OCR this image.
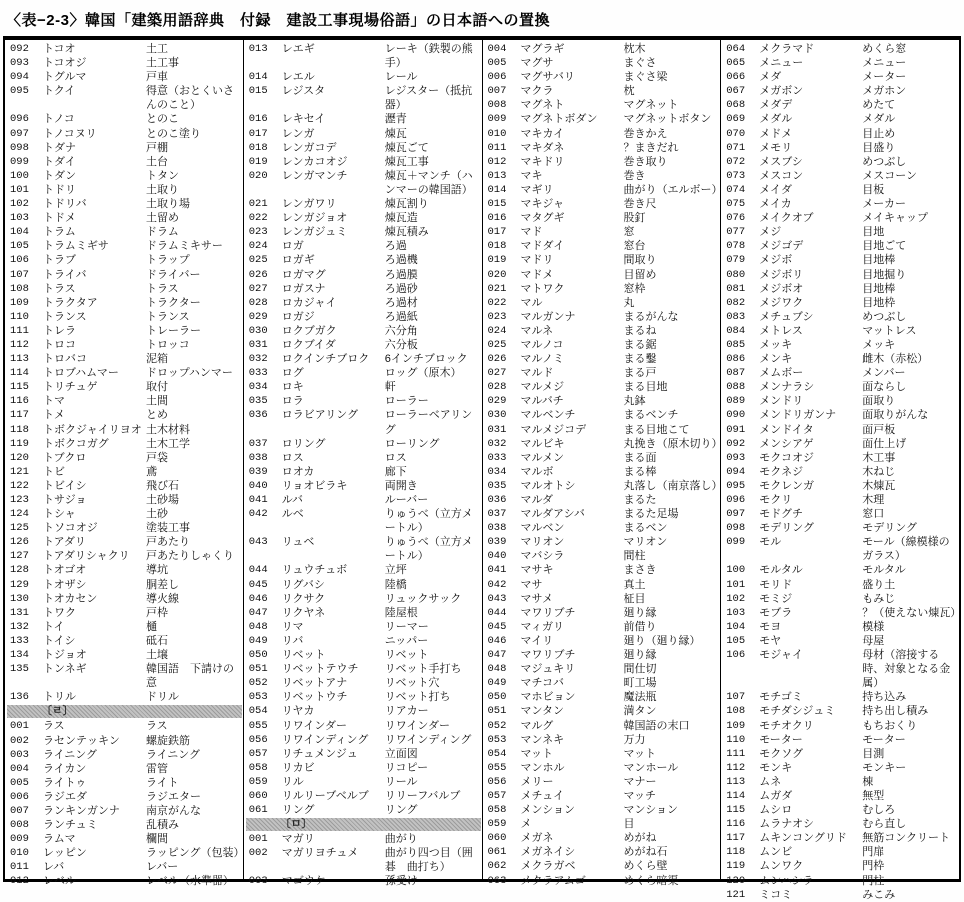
〈表−2-3〉韓国「建築用語辞典　付録　建設工事現場俗語」の日本語への置換
092	トコオ	土工
093	トコオジ	土工事
094	トグルマ	戸車
095	トクイ	得意（おとくいさんのこと）
096	トノコ	とのこ
097	トノコヌリ	とのこ塗り
098	トダナ	戸棚
099	トダイ	土台
100	トダン	トタン
101	トドリ	土取り
102	トドリバ	土取り場
103	トドメ	土留め
104	トラム	ドラム
105	トラムミギサ	ドラムミキサー
106	トラブ	トラップ
107	トライバ	ドライバー
108	トラス	トラス
109	トラクタア	トラクター
110	トランス	トランス
111	トレラ	トレーラー
112	トロコ	トロッコ
113	トロバコ	泥箱
114	トロブハムマー	ドロップハンマー
115	トリチュゲ	取付
116	トマ	土間
117	トメ	とめ
118	トボクジャイリヨオ 土木材料
119	トボクコガグ	土木工学
120	トブクロ	戸袋
121	トビ	鳶
122	トビイシ	飛び石
123	トサジョ	土砂場
124	トシャ	土砂
125	トソコオジ	塗装工事
126	トアダリ	戸あたり
127	トアダリシャクリ	戸あたりしゃくり
128	トオゴオ	導坑
129	トオザシ	胴差し
130	トオカセン	導火線
131	トワク	戸枠
132	トイ	樋
133	トイシ	砥石
134	トジョオ	土壌
135	トンネギ	韓国語　下請けの意
136	トリル	ドリル
〔ㄹ〕
001	ラス	ラス
002	ラセンテッキン	螺旋鉄筋
003	ライニング	ライニング
004	ライカン	雷管
005	ライトゥ	ライト
006	ラジエダ	ラジエター
007	ランキンガンナ	南京がんな
008	ランチュミ	乱積み
009	ラムマ	欄間
010	レッピン	ラッピング（包装）
011	レバ	レバー
012	レベル	レベル（水準器）
013	レエギ	レーキ（鉄製の熊手）
014	レエル	レール
015	レジスタ	レジスター（抵抗器）
016	レキセイ	瀝青
017	レンガ	煉瓦
018	レンガコデ	煉瓦ごて
019	レンカコオジ	煉瓦工事
020	レンガマンチ	煉瓦＋マンチ（ハンマーの韓国語）
021	レンガワリ	煉瓦割り
022	レンガジョオ	煉瓦造
023	レンガジュミ	煉瓦積み
024	ロガ	ろ過
025	ロガギ	ろ過機
026	ロガマグ	ろ過膜
027	ロガスナ	ろ過砂
028	ロカジャイ	ろ過材
029	ロガジ	ろ過紙
030	ロクブガク	六分角
031	ロクブイダ	六分板
032	ロクインチブロク	6インチブロック
033	ログ	ロッグ（原木）
034	ロキ	軒
035	ロラ	ローラー
036	ロラビアリング	ローラーベアリング
037	ロリング	ローリング
038	ロス	ロス
039	ロオカ	廊下
040	リョオビラキ	両開き
041	ルバ	ルーバー
042	ルベ	りゅうべ（立方メートル）
043	リュベ	りゅうべ（立方メートル）
044	リュウチュボ	立坪
045	リグバシ	陸橋
046	リクサク	リュックサック
047	リクヤネ	陸屋根
048	リマ	リーマー
049	リバ	ニッパー
050	リベット	リベット
051	リベットテウチ	リベット手打ち
052	リベットアナ	リベット穴
053	リベットウチ	リベット打ち
054	リヤカ	リアカー
055	リワインダー	リワインダー
056	リワインディング	リワインディング
057	リチュメンジュ	立面図
058	リカビ	リコピー
059	リル	リール
060	リルリーブベルブ	リリーフバルブ
061	リング	リング
〔ㅁ〕
001	マガリ	曲がり
002	マガリヨチュメ	曲がり四つ目（囲碁　曲打ち）
003	マゴウケ	孫受け
004	マグラギ	枕木
005	マグサ	まぐさ
006	マグサバリ	まぐさ梁
007	マクラ	枕
008	マグネト	マグネット
009	マグネトボダン	マグネットボタン
010	マキカイ	巻きかえ
011	マキダネ	？まきだれ
012	マキドリ	巻き取り
013	マキ	巻き
014	マギリ	曲がり（エルボー）
015	マキジャ	巻き尺
016	マタグギ	股釘
017	マド	窓
018	マドダイ	窓台
019	マドリ	間取り
020	マドメ	目留め
021	マトワク	窓枠
022	マル	丸
023	マルガンナ	まるがんな
024	マルネ	まるね
025	マルノコ	まる鋸
026	マルノミ	まる鑿
027	マルド	まる戸
028	マルメジ	まる目地
029	マルバチ	丸鉢
030	マルベンチ	まるベンチ
031	マルメジコデ	まる目地こて
032	マルビキ	丸挽き（原木切り）
033	マルメン	まる面
034	マルボ	まる棒
035	マルオトシ	丸落し（南京落し）
036	マルダ	まるた
037	マルダアシバ	まるた足場
038	マルベン	まるベン
039	マリオン	マリオン
040	マバシラ	間柱
041	マサキ	まさき
042	マサ	真土
043	マサメ	柾目
044	マワリブチ	廻り縁
045	マィガリ	前借り
046	マイリ	廻り（廻り縁）
047	マワリブチ	廻り縁
048	マジュキリ	間仕切
049	マチコバ	町工場
050	マホビョン	魔法瓶
051	マンタン	満タン
052	マルグ	韓国語の末口
053	マンネキ	万力
054	マット	マット
055	マンホル	マンホール
056	メリー	マナー
057	メチュイ	マッチ
058	メンション	マンション
059	メ	目
060	メガネ	めがね
061	メガネイシ	めがね石
062	メクラガベ	めくら壁
063	メクラアムゴ	めくら暗渠
064	メクラマド	めくら窓
065	メニュー	メニュー
066	メダ	メーター
067	メガボン	メガホン
068	メダデ	めたて
069	メダル	メダル
070	メドメ	目止め
071	メモリ	目盛り
072	メスブシ	めつぶし
073	メスコン	メスコーン
074	メイダ	目板
075	メイカ	メーカー
076	メイクオブ	メイキャップ
077	メジ	目地
078	メジゴデ	目地ごて
079	メジボ	目地棒
080	メジボリ	目地掘り
081	メジボオ	目地棒
082	メジワク	目地枠
083	メチュブシ	めつぶし
084	メトレス	マットレス
085	メッキ	メッキ
086	メンキ	雌木（赤松）
087	メムボー	メンバー
088	メンナラシ	面ならし
089	メンドリ	面取り
090	メンドリガンナ	面取りがんな
091	メンドイタ	面戸板
092	メンシアゲ	面仕上げ
093	モクコオジ	木工事
094	モクネジ	木ねじ
095	モクレンガ	木煉瓦
096	モクリ	木理
097	モドグチ	窓口
098	モデリング	モデリング
099	モル	モール（線模様のガラス）
100	モルタル	モルタル
101	モリド	盛り土
102	モミジ	もみじ
103	モブラ	？（使えない煉瓦）
104	モヨ	模様
105	モヤ	母屋
106	モジャイ	母材（溶接する時、対象となる金属）
107	モチゴミ	持ち込み
108	モチダシジュミ	持ち出し積み
109	モチオクリ	もちおくり
110	モーター	モーター
111	モクソグ	目測
112	モンキ	モンキー
113	ムネ	棟
114	ムガダ	無型
115	ムシロ	むしろ
116	ムラナオシ	むら直し
117	ムキンコングリド	無筋コンクリート
118	ムンビ	門扉
119	ムンワク	門枠
120	ムンハシラ	門柱
121	ミコミ	みこみ
